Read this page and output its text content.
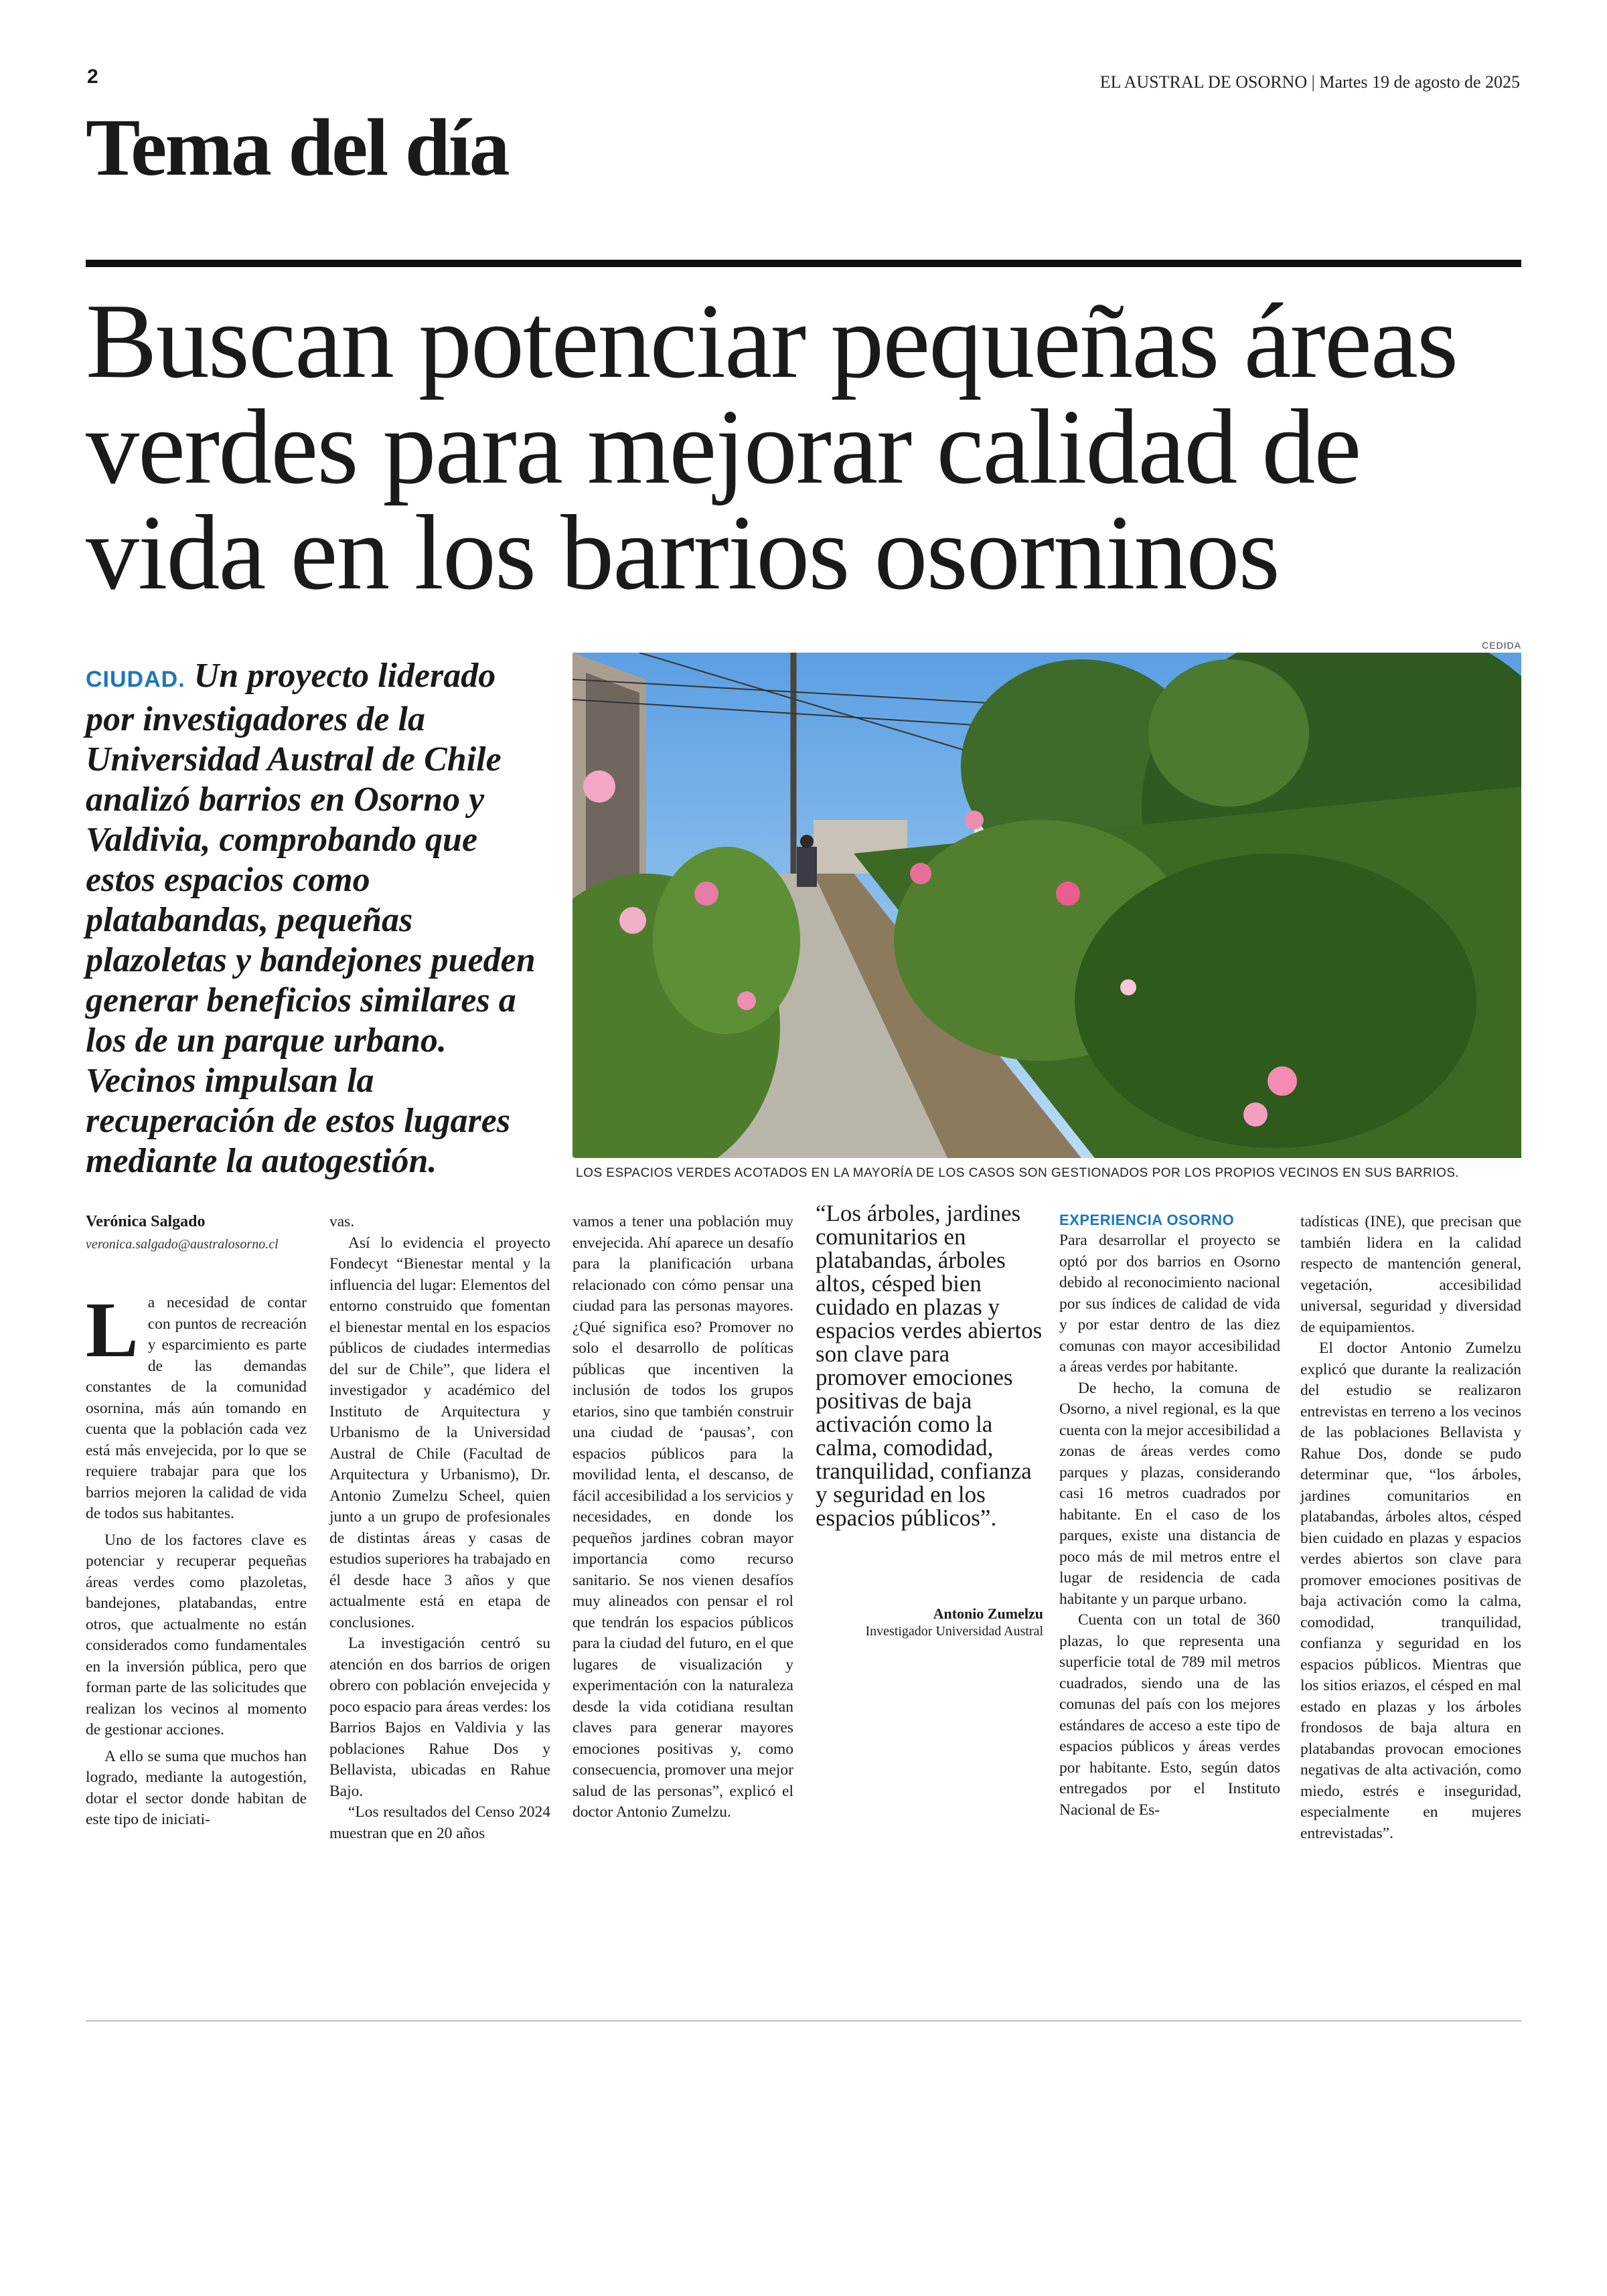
2	EL AUSTRAL DE OSORNO | Martes 19 de agosto de 2025
Tema del día
Buscan potenciar pequeñas áreas
verdes para mejorar calidad de
vida en los barrios osorninos
CIUDAD. Un proyecto liderado por investigadores de la Universidad Austral de Chile analizó barrios en Osorno y Valdivia, comprobando que estos espacios como platabandas, pequeñas plazoletas y bandejones pueden generar beneficios similares a los de un parque urbano. Vecinos impulsan la recuperación de estos lugares mediante la autogestión.
CEDIDA
LOS ESPACIOS VERDES ACOTADOS EN LA MAYORÍA DE LOS CASOS SON GESTIONADOS POR LOS PROPIOS VECINOS EN SUS BARRIOS.
Verónica Salgado
veronica.salgado@australosorno.cl

La necesidad de contar con puntos de recreación y esparcimiento es parte de las demandas constantes de la comunidad osornina, más aún tomando en cuenta que la población cada vez está más envejecida, por lo que se requiere trabajar para que los barrios mejoren la calidad de vida de todos sus habitantes.

Uno de los factores clave es potenciar y recuperar pequeñas áreas verdes como plazoletas, bandejones, platabandas, entre otros, que actualmente no están considerados como fundamentales en la inversión pública, pero que forman parte de las solicitudes que realizan los vecinos al momento de gestionar acciones.

A ello se suma que muchos han logrado, mediante la autogestión, dotar el sector donde habitan de este tipo de iniciati-

vas.

Así lo evidencia el proyecto Fondecyt “Bienestar mental y la influencia del lugar: Elementos del entorno construido que fomentan el bienestar mental en los espacios públicos de ciudades intermedias del sur de Chile”, que lidera el investigador y académico del Instituto de Arquitectura y Urbanismo de la Universidad Austral de Chile (Facultad de Arquitectura y Urbanismo), Dr. Antonio Zumelzu Scheel, quien junto a un grupo de profesionales de distintas áreas y casas de estudios superiores ha trabajado en él desde hace 3 años y que actualmente está en etapa de conclusiones.

La investigación centró su atención en dos barrios de origen obrero con población envejecida y poco espacio para áreas verdes: los Barrios Bajos en Valdivia y las poblaciones Rahue Dos y Bellavista, ubicadas en Rahue Bajo.

“Los resultados del Censo 2024 muestran que en 20 años

vamos a tener una población muy envejecida. Ahí aparece un desafío para la planificación urbana relacionado con cómo pensar una ciudad para las personas mayores. ¿Qué significa eso? Promover no solo el desarrollo de políticas públicas que incentiven la inclusión de todos los grupos etarios, sino que también construir una ciudad de ‘pausas’, con espacios públicos para la movilidad lenta, el descanso, de fácil accesibilidad a los servicios y necesidades, en donde los pequeños jardines cobran mayor importancia como recurso sanitario. Se nos vienen desafíos muy alineados con pensar el rol que tendrán los espacios públicos para la ciudad del futuro, en el que lugares de visualización y experimentación con la naturaleza desde la vida cotidiana resultan claves para generar mayores emociones positivas y, como consecuencia, promover una mejor salud de las personas”, explicó el doctor Antonio Zumelzu.

“Los árboles, jardines comunitarios en platabandas, árboles altos, césped bien cuidado en plazas y espacios verdes abiertos son clave para promover emociones positivas de baja activación como la calma, comodidad, tranquilidad, confianza y seguridad en los espacios públicos”.
Antonio Zumelzu
Investigador Universidad Austral
EXPERIENCIA OSORNO

Para desarrollar el proyecto se optó por dos barrios en Osorno debido al reconocimiento nacional por sus índices de calidad de vida y por estar dentro de las diez comunas con mayor accesibilidad a áreas verdes por habitante.

De hecho, la comuna de Osorno, a nivel regional, es la que cuenta con la mejor accesibilidad a zonas de áreas verdes como parques y plazas, considerando casi 16 metros cuadrados por habitante. En el caso de los parques, existe una distancia de poco más de mil metros entre el lugar de residencia de cada habitante y un parque urbano.

Cuenta con un total de 360 plazas, lo que representa una superficie total de 789 mil metros cuadrados, siendo una de las comunas del país con los mejores estándares de acceso a este tipo de espacios públicos y áreas verdes por habitante. Esto, según datos entregados por el Instituto Nacional de Es-

tadísticas (INE), que precisan que también lidera en la calidad respecto de mantención general, vegetación, accesibilidad universal, seguridad y diversidad de equipamientos.

El doctor Antonio Zumelzu explicó que durante la realización del estudio se realizaron entrevistas en terreno a los vecinos de las poblaciones Bellavista y Rahue Dos, donde se pudo determinar que, “los árboles, jardines comunitarios en platabandas, árboles altos, césped bien cuidado en plazas y espacios verdes abiertos son clave para promover emociones positivas de baja activación como la calma, comodidad, tranquilidad, confianza y seguridad en los espacios públicos. Mientras que los sitios eriazos, el césped en mal estado en plazas y los árboles frondosos de baja altura en platabandas provocan emociones negativas de alta activación, como miedo, estrés e inseguridad, especialmente en mujeres entrevistadas”.
